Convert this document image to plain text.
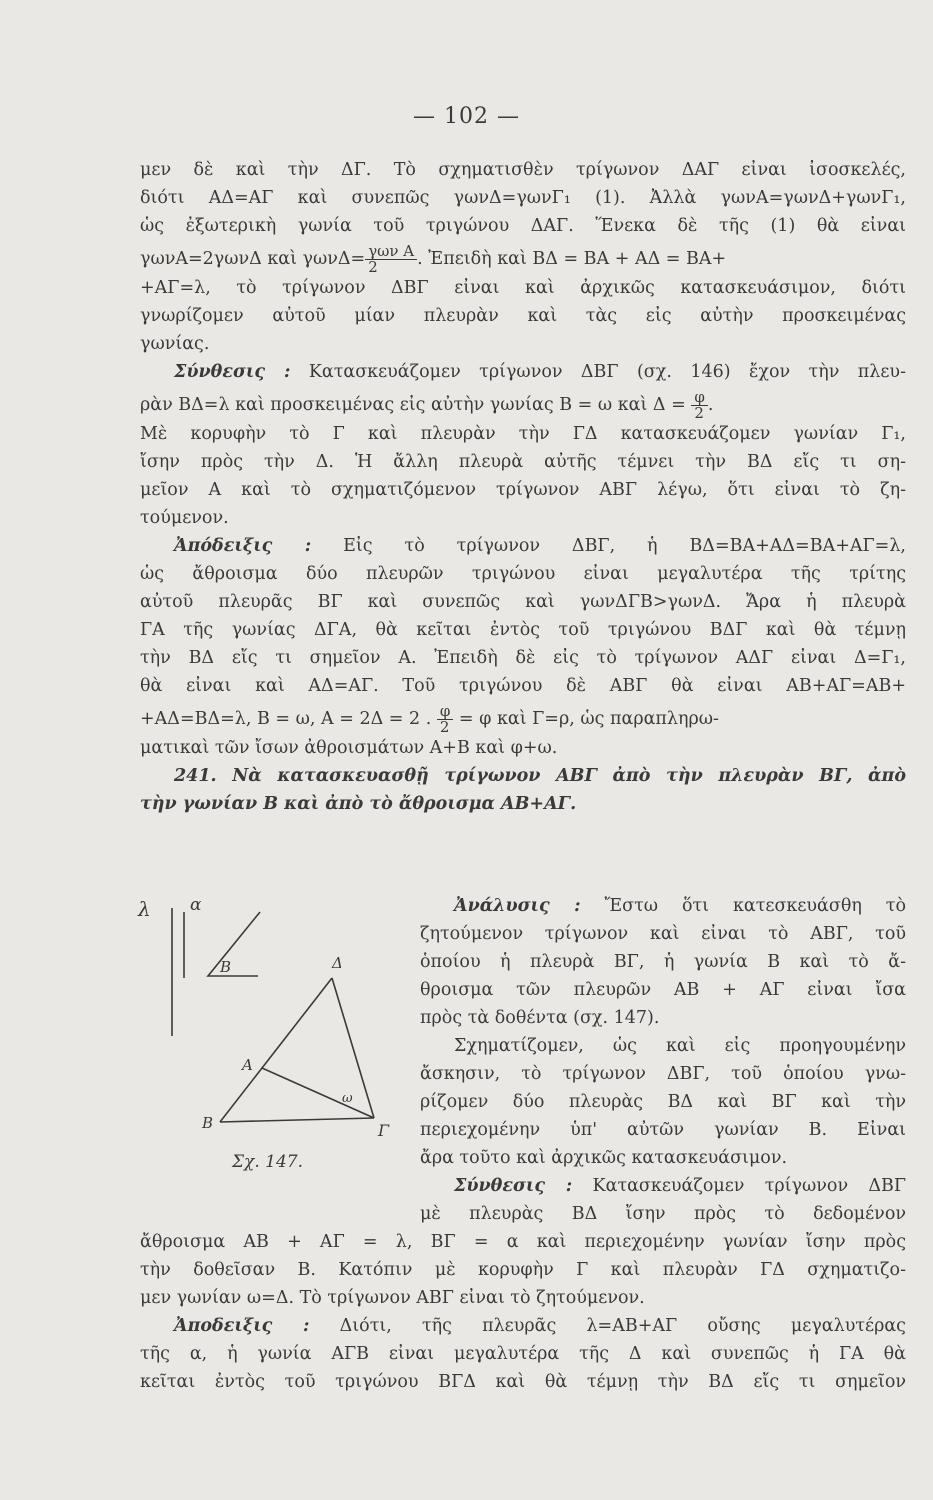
— 102 —
μεν δὲ καὶ τὴν ΔΓ. Τὸ σχηματισθὲν τρίγωνον ΔΑΓ εἶναι ἰσοσκελές,
διότι ΑΔ=ΑΓ καὶ συνεπῶς γωνΔ=γωνΓ₁ (1). Ἀλλὰ γωνΑ=γωνΔ+γωνΓ₁,
ὡς ἐξωτερικὴ γωνία τοῦ τριγώνου ΔΑΓ. Ἕνεκα δὲ τῆς (1) θὰ εἶναι
γωνΑ=2γωνΔ καὶ $\gamma\omega\nu\Delta= \frac{\text{γων Α}}{2}$ . Ἐπειδὴ καὶ ΒΔ = ΒΑ + ΑΔ = ΒΑ+
+ΑΓ=λ, τὸ τρίγωνον ΔΒΓ εἶναι καὶ ἀρχικῶς κατασκευάσιμον, διότι
γνωρίζομεν αὐτοῦ μίαν πλευρὰν καὶ τὰς εἰς αὐτὴν προσκειμένας
γωνίας.
Σύνθεσις : Κατασκευάζομεν τρίγωνον ΔΒΓ (σχ. 146) ἔχον τὴν πλευ-
ρὰν ΒΔ=λ καὶ προσκειμένας εἰς αὐτὴν γωνίας Β = ω καὶ $\Delta = \frac{\varphi}{2}$ .
Μὲ κορυφὴν τὸ Γ καὶ πλευρὰν τὴν ΓΔ κατασκευάζομεν γωνίαν Γ₁,
ἴσην πρὸς τὴν Δ. Ἡ ἄλλη πλευρὰ αὐτῆς τέμνει τὴν ΒΔ εἴς τι ση-
μεῖον Α καὶ τὸ σχηματιζόμενον τρίγωνον ΑΒΓ λέγω, ὅτι εἶναι τὸ ζη-
τούμενον.
Ἀπόδειξις : Εἰς τὸ τρίγωνον ΔΒΓ, ἡ ΒΔ=ΒΑ+ΑΔ=ΒΑ+ΑΓ=λ,
ὡς ἄθροισμα δύο πλευρῶν τριγώνου εἶναι μεγαλυτέρα τῆς τρίτης
αὐτοῦ πλευρᾶς ΒΓ καὶ συνεπῶς καὶ γωνΔΓΒ>γωνΔ. Ἄρα ἡ πλευρὰ
ΓΑ τῆς γωνίας ΔΓΑ, θὰ κεῖται ἐντὸς τοῦ τριγώνου ΒΔΓ καὶ θὰ τέμνῃ
τὴν ΒΔ εἴς τι σημεῖον Α. Ἐπειδὴ δὲ εἰς τὸ τρίγωνον ΑΔΓ εἶναι Δ=Γ₁,
θὰ εἶναι καὶ ΑΔ=ΑΓ. Τοῦ τριγώνου δὲ ΑΒΓ θὰ εἶναι ΑΒ+ΑΓ=ΑΒ+
+ΑΔ=ΒΔ=λ, Β = ω, Α = 2Δ = 2 . $\frac{\varphi}{2} = \varphi$ καὶ Γ=ρ, ὡς παραπληρω-
ματικαὶ τῶν ἴσων ἀθροισμάτων Α+Β καὶ φ+ω.
241. Νὰ κατασκευασθῇ τρίγωνον ΑΒΓ ἀπὸ τὴν πλευρὰν ΒΓ, ἀπὸ
τὴν γωνίαν Β καὶ ἀπὸ τὸ ἄθροισμα ΑΒ+ΑΓ.
Ἀνάλυσις : Ἔστω ὅτι κατεσκευάσθη τὸ
ζητούμενον τρίγωνον καὶ εἶναι τὸ ΑΒΓ, τοῦ
ὁποίου ἡ πλευρὰ ΒΓ, ἡ γωνία Β καὶ τὸ ἄ-
θροισμα τῶν πλευρῶν ΑΒ + ΑΓ εἶναι ἴσα
πρὸς τὰ δοθέντα (σχ. 147).
Σχηματίζομεν, ὡς καὶ εἰς προηγουμένην
ἄσκησιν, τὸ τρίγωνον ΔΒΓ, τοῦ ὁποίου γνω-
ρίζομεν δύο πλευρὰς ΒΔ καὶ ΒΓ καὶ τὴν
περιεχομένην ὑπ' αὐτῶν γωνίαν Β. Εἶναι
ἄρα τοῦτο καὶ ἀρχικῶς κατασκευάσιμον.
Σύνθεσις : Κατασκευάζομεν τρίγωνον ΔΒΓ
μὲ πλευρὰς ΒΔ ἴσην πρὸς τὸ δεδομένον
ἄθροισμα ΑΒ + ΑΓ = λ, ΒΓ = α καὶ περιεχομένην γωνίαν ἴσην πρὸς
τὴν δοθεῖσαν Β. Κατόπιν μὲ κορυφὴν Γ καὶ πλευρὰν ΓΔ σχηματιζο-
μεν γωνίαν ω=Δ. Τὸ τρίγωνον ΑΒΓ εἶναι τὸ ζητούμενον.
Ἀποδειξις : Διότι, τῆς πλευρᾶς λ=ΑΒ+ΑΓ οὔσης μεγαλυτέρας
τῆς α, ἡ γωνία ΑΓΒ εἶναι μεγαλυτέρα τῆς Δ καὶ συνεπῶς ἡ ΓΑ θὰ
κεῖται ἐντὸς τοῦ τριγώνου ΒΓΔ καὶ θὰ τέμνῃ τὴν ΒΔ εἴς τι σημεῖον
λ α
Β	Δ
Α
ω
Β	Γ
Σχ. 147.
